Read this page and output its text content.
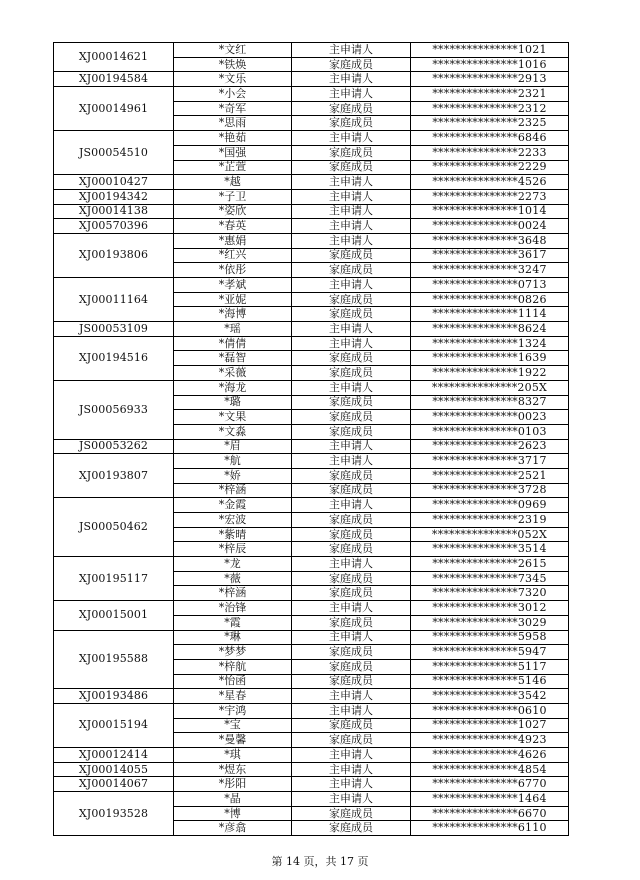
XJ00014621	*文红	主申请人	***************1021
	*铁焕	家庭成员	***************1016
XJ00194584	*文乐	主申请人	***************2913
XJ00014961	*小会	主申请人	***************2321
	*奇军	家庭成员	***************2312
	*思雨	家庭成员	***************2325
JS00054510	*艳茹	主申请人	***************6846
	*国强	家庭成员	***************2233
	*芷萱	家庭成员	***************2229
XJ00010427	*越	主申请人	***************4526
XJ00194342	*子卫	主申请人	***************2273
XJ00014138	*姿欣	主申请人	***************1014
XJ00570396	*春英	主申请人	***************0024
XJ00193806	*惠娟	主申请人	***************3648
	*红兴	家庭成员	***************3617
	*依彤	家庭成员	***************3247
XJ00011164	*孝斌	主申请人	***************0713
	*亚妮	家庭成员	***************0826
	*海博	家庭成员	***************1114
JS00053109	*瑶	主申请人	***************8624
XJ00194516	*倩倩	主申请人	***************1324
	*磊智	家庭成员	***************1639
	*采薇	家庭成员	***************1922
JS00056933	*海龙	主申请人	***************205X
	*璐	家庭成员	***************8327
	*文果	家庭成员	***************0023
	*文淼	家庭成员	***************0103
JS00053262	*眉	主申请人	***************2623
XJ00193807	*航	主申请人	***************3717
	*娇	家庭成员	***************2521
	*梓涵	家庭成员	***************3728
JS00050462	*金霞	主申请人	***************0969
	*宏波	家庭成员	***************2319
	*紫晴	家庭成员	***************052X
	*梓辰	家庭成员	***************3514
XJ00195117	*龙	主申请人	***************2615
	*薇	家庭成员	***************7345
	*梓涵	家庭成员	***************7320
XJ00015001	*治锋	主申请人	***************3012
	*霞	家庭成员	***************3029
XJ00195588	*琳	主申请人	***************5958
	*梦梦	家庭成员	***************5947
	*梓航	家庭成员	***************5117
	*怡函	家庭成员	***************5146
XJ00193486	*星春	主申请人	***************3542
XJ00015194	*宇鸿	主申请人	***************0610
	*宝	家庭成员	***************1027
	*曼馨	家庭成员	***************4923
XJ00012414	*琪	主申请人	***************4626
XJ00014055	*煜东	主申请人	***************4854
XJ00014067	*彤阳	主申请人	***************6770
XJ00193528	*晶	主申请人	***************1464
	*博	家庭成员	***************6670
	*彦翕	家庭成员	***************6110
第 14 页，共 17 页
